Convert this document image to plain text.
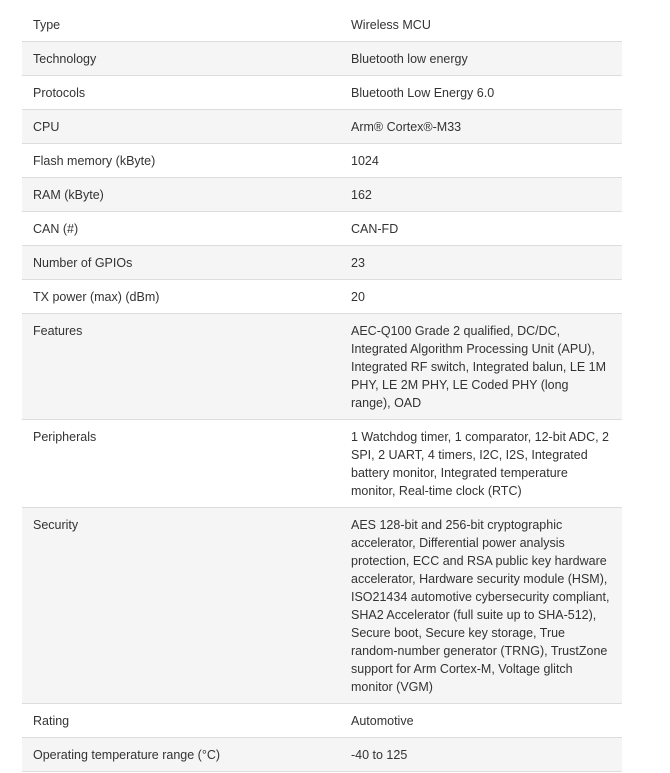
Type	Wireless MCU
Technology	Bluetooth low energy
Protocols	Bluetooth Low Energy 6.0
CPU	Arm® Cortex®-M33
Flash memory (kByte)	1024
RAM (kByte)	162
CAN (#)	CAN-FD
Number of GPIOs	23
TX power (max) (dBm)	20
Features	AEC-Q100 Grade 2 qualified, DC/DC, Integrated Algorithm Processing Unit (APU), Integrated RF switch, Integrated balun, LE 1M PHY, LE 2M PHY, LE Coded PHY (long range), OAD
Peripherals	1 Watchdog timer, 1 comparator, 12-bit ADC, 2 SPI, 2 UART, 4 timers, I2C, I2S, Integrated battery monitor, Integrated temperature monitor, Real-time clock (RTC)
Security	AES 128-bit and 256-bit cryptographic accelerator, Differential power analysis protection, ECC and RSA public key hardware accelerator, Hardware security module (HSM), ISO21434 automotive cybersecurity compliant, SHA2 Accelerator (full suite up to SHA-512), Secure boot, Secure key storage, True random-number generator (TRNG), TrustZone support for Arm Cortex-M, Voltage glitch monitor (VGM)
Rating	Automotive
Operating temperature range (°C)	-40 to 125
